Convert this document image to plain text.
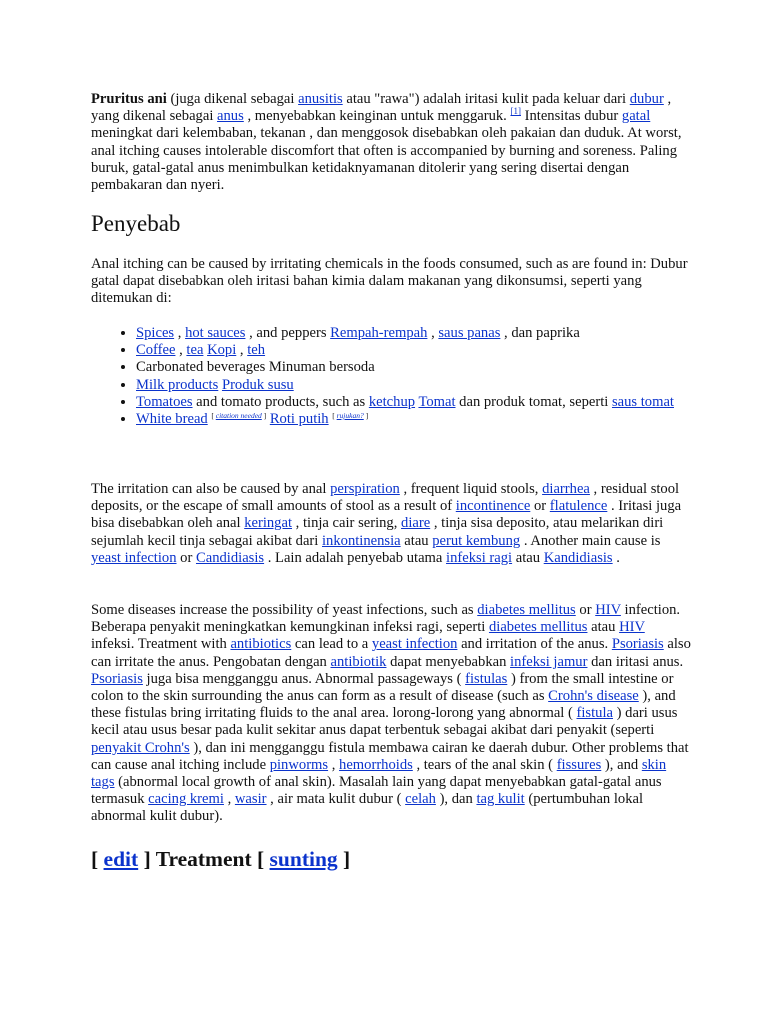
Pruritus ani (juga dikenal sebagai anusitis atau "rawa") adalah iritasi kulit pada keluar dari dubur , yang dikenal sebagai anus , menyebabkan keinginan untuk menggaruk. [1] Intensitas dubur gatal meningkat dari kelembaban, tekanan , dan menggosok disebabkan oleh pakaian dan duduk. At worst, anal itching causes intolerable discomfort that often is accompanied by burning and soreness. Paling buruk, gatal-gatal anus menimbulkan ketidaknyamanan ditolerir yang sering disertai dengan pembakaran dan nyeri.

Penyebab

Anal itching can be caused by irritating chemicals in the foods consumed, such as are found in: Dubur gatal dapat disebabkan oleh iritasi bahan kimia dalam makanan yang dikonsumsi, seperti yang ditemukan di:

• Spices , hot sauces , and peppers Rempah-rempah , saus panas , dan paprika
• Coffee , tea Kopi , teh
• Carbonated beverages Minuman bersoda
• Milk products Produk susu
• Tomatoes and tomato products, such as ketchup Tomat dan produk tomat, seperti saus tomat
• White bread [ citation needed ] Roti putih [ rujukan? ]

The irritation can also be caused by anal perspiration , frequent liquid stools, diarrhea , residual stool deposits, or the escape of small amounts of stool as a result of incontinence or flatulence . Iritasi juga bisa disebabkan oleh anal keringat , tinja cair sering, diare , tinja sisa deposito, atau melarikan diri sejumlah kecil tinja sebagai akibat dari inkontinensia atau perut kembung . Another main cause is yeast infection or Candidiasis . Lain adalah penyebab utama infeksi ragi atau Kandidiasis .

Some diseases increase the possibility of yeast infections, such as diabetes mellitus or HIV infection. Beberapa penyakit meningkatkan kemungkinan infeksi ragi, seperti diabetes mellitus atau HIV infeksi. Treatment with antibiotics can lead to a yeast infection and irritation of the anus. Psoriasis also can irritate the anus. Pengobatan dengan antibiotik dapat menyebabkan infeksi jamur dan iritasi anus. Psoriasis juga bisa mengganggu anus. Abnormal passageways ( fistulas ) from the small intestine or colon to the skin surrounding the anus can form as a result of disease (such as Crohn's disease ), and these fistulas bring irritating fluids to the anal area. lorong-lorong yang abnormal ( fistula ) dari usus kecil atau usus besar pada kulit sekitar anus dapat terbentuk sebagai akibat dari penyakit (seperti penyakit Crohn's ), dan ini mengganggu fistula membawa cairan ke daerah dubur. Other problems that can cause anal itching include pinworms , hemorrhoids , tears of the anal skin ( fissures ), and skin tags (abnormal local growth of anal skin). Masalah lain yang dapat menyebabkan gatal-gatal anus termasuk cacing kremi , wasir , air mata kulit dubur ( celah ), dan tag kulit (pertumbuhan lokal abnormal kulit dubur).

[ edit ] Treatment [ sunting ]
